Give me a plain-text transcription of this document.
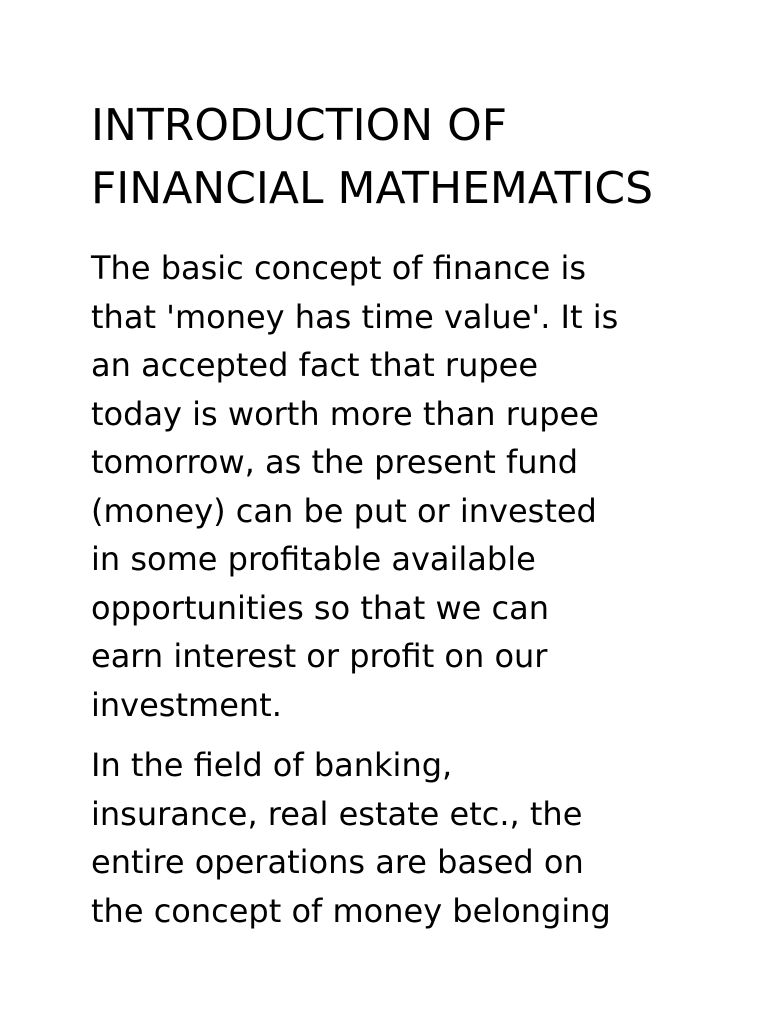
INTRODUCTION OF
FINANCIAL MATHEMATICS

The basic concept of finance is
that 'money has time value'. It is
an accepted fact that rupee
today is worth more than rupee
tomorrow, as the present fund
(money) can be put or invested
in some profitable available
opportunities so that we can
earn interest or profit on our
investment.

In the field of banking,
insurance, real estate etc., the
entire operations are based on
the concept of money belonging
